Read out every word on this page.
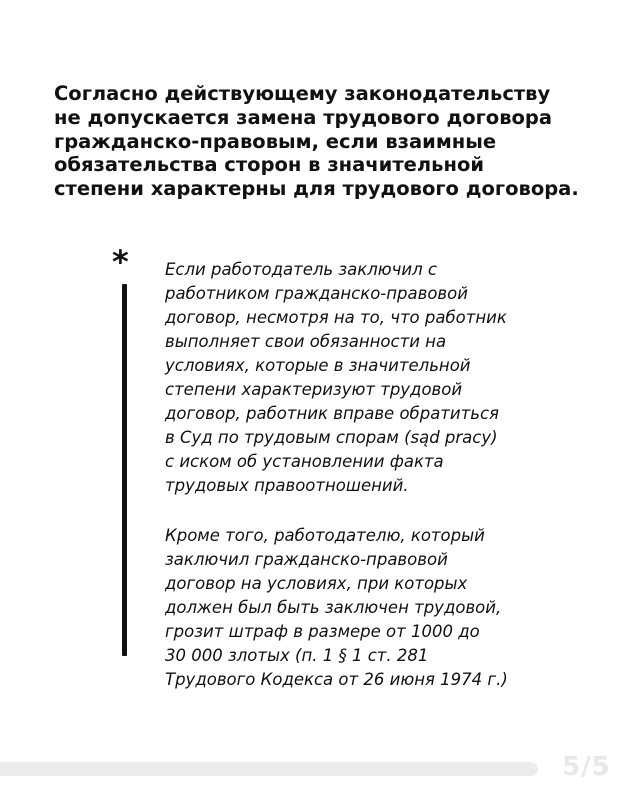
Согласно действующему законодательству
не допускается замена трудового договора
гражданско-правовым, если взаимные
обязательства сторон в значительной
степени характерны для трудового договора.
* Если работодатель заключил с
работником гражданско-правовой
договор, несмотря на то, что работник
выполняет свои обязанности на
условиях, которые в значительной
степени характеризуют трудовой
договор, работник вправе обратиться
в Суд по трудовым спорам (sąd pracy)
с иском об установлении факта
трудовых правоотношений.
Кроме того, работодателю, который
заключил гражданско-правовой
договор на условиях, при которых
должен был быть заключен трудовой,
грозит штраф в размере от 1000 до
30 000 злотых (п. 1 § 1 ст. 281
Трудового Кодекса от 26 июня 1974 г.)
5/5
